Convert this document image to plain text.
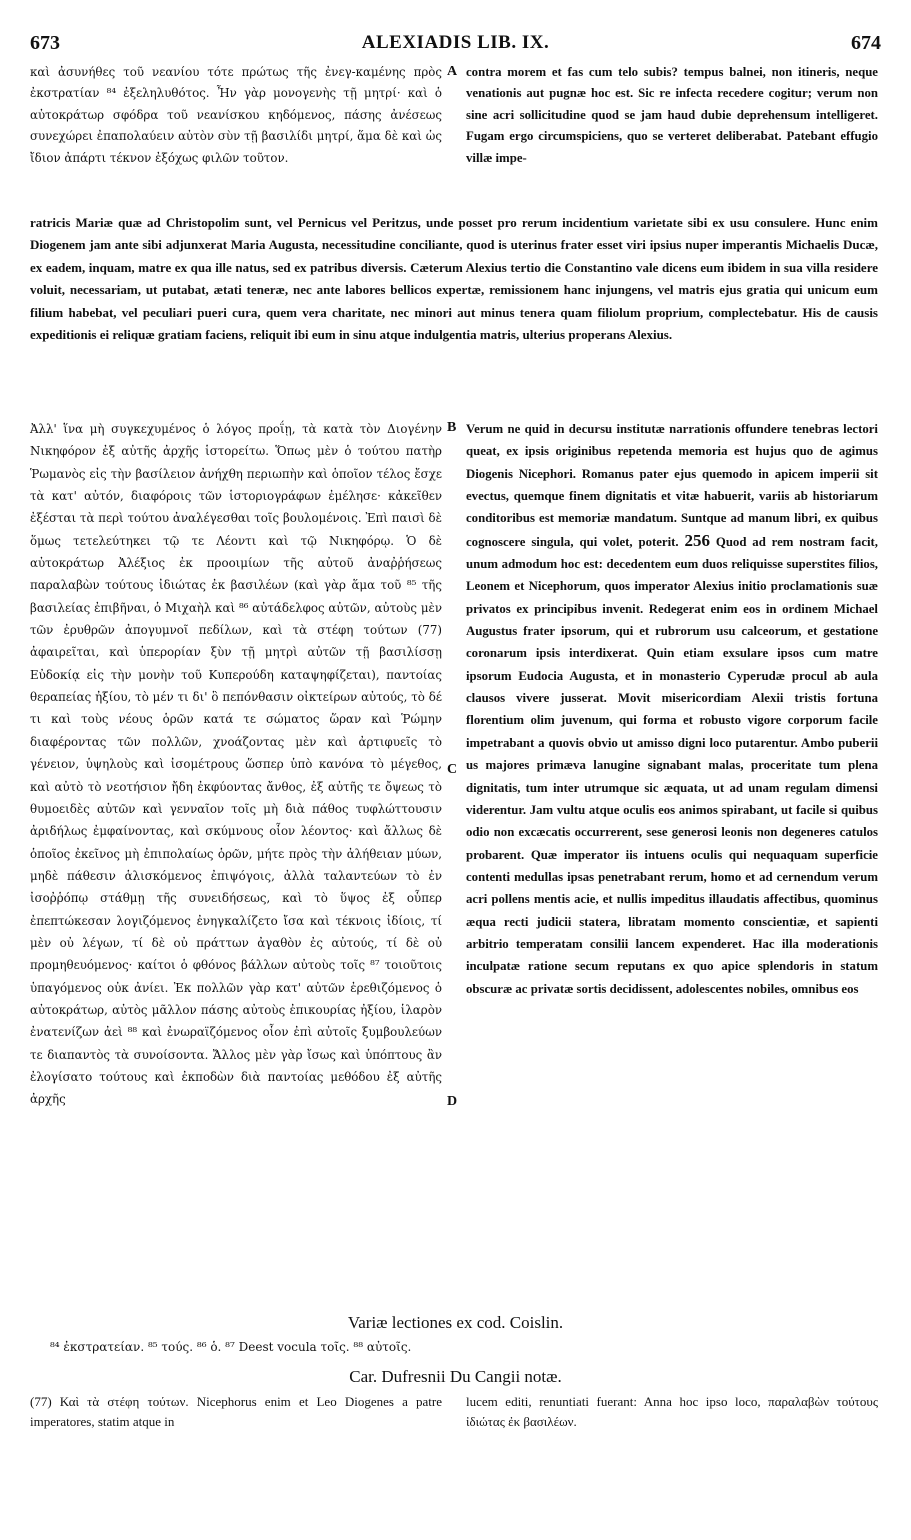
673	ALEXIADIS LIB. IX.	674

καὶ ἀσυνήθες τοῦ νεανίου τότε πρώτως τῆς ἐνεγ-καμένης πρὸς ἐκστρατίαν ⁸⁴ ἐξεληλυθότος. Ἦν γὰρ μονογενὴς τῇ μητρί· καὶ ὁ αὐτοκράτωρ σφόδρα τοῦ νεανίσκου κηδόμενος, πάσης ἀνέσεως συνεχώρει ἐπαπολαύειν αὐτὸν σὺν τῇ βασιλίδι μητρί, ἅμα δὲ καὶ ὡς ἴδιον ἀπάρτι τέκνον ἐξόχως φιλῶν τοῦτον.

A contra morem et fas cum telo subis? tempus balnei, non itineris, neque venationis aut pugnæ hoc est. Sic re infecta recedere cogitur; verum non sine acri sollicitudine quod se jam haud dubie deprehensum intelligeret. Fugam ergo circumspiciens, quo se verteret deliberabat. Patebant effugio villæ impe-

ratricis Mariæ quæ ad Christopolim sunt, vel Pernicus vel Peritzus, unde posset pro rerum incidentium varietate sibi ex usu consulere. Hunc enim Diogenem jam ante sibi adjunxerat Maria Augusta, necessitudine conciliante, quod is uterinus frater esset viri ipsius nuper imperantis Michaelis Ducæ, ex eadem, inquam, matre ex qua ille natus, sed ex patribus diversis. Cæterum Alexius tertio die Constantino vale dicens eum ibidem in sua villa residere voluit, necessariam, ut putabat, ætati teneræ, nec ante labores bellicos expertæ, remissionem hanc injungens, vel matris ejus gratia qui unicum eum filium habebat, vel peculiari pueri cura, quem vera charitate, nec minori aut minus tenera quam filiolum proprium, complectebatur. His de causis expeditionis ei reliquæ gratiam faciens, reliquit ibi eum in sinu atque indulgentia matris, ulterius properans Alexius.

Ἀλλ' ἵνα μὴ συγκεχυμένος ὁ λόγος προΐῃ, τὰ κατὰ τὸν Διογένην Νικηφόρον ἐξ αὐτῆς ἀρχῆς ἱστορείτω. Ὅπως μὲν ὁ τούτου πατὴρ Ῥωμανὸς εἰς τὴν βασίλειον ἀνήχθη περιωπὴν καὶ ὁποῖον τέλος ἔσχε τὰ κατ' αὐτόν, διαφόροις τῶν ἱστοριογράφων ἐμέλησε· κἀκεῖθεν ἐξέσται τὰ περὶ τούτου ἀναλέγεσθαι τοῖς βουλομένοις. Ἐπὶ παισὶ δὲ ὅμως τετελεύτηκει τῷ τε Λέοντι καὶ τῷ Νικηφόρῳ. Ὁ δὲ αὐτοκράτωρ Ἀλέξιος ἐκ προοιμίων τῆς αὐτοῦ ἀναῤῥήσεως παραλαβὼν τούτους ἰδιώτας ἐκ βασιλέων (καὶ γὰρ ἅμα τοῦ ⁸⁵ τῆς βασιλείας ἐπιβῆναι, ὁ Μιχαὴλ καὶ ⁸⁶ αὐτάδελφος αὐτῶν, αὐτοὺς μὲν τῶν ἐρυθρῶν ἀπογυμνοῖ πεδίλων, καὶ τὰ στέφη τούτων (77) ἀφαιρεῖται, καὶ ὑπερορίαν ξὺν τῇ μητρὶ αὐτῶν τῇ βασιλίσσῃ Εὐδοκίᾳ εἰς τὴν μονὴν τοῦ Κυπερούδη καταψηφίζεται), παντοίας θεραπείας ἠξίου, τὸ μέν τι δι' ὃ πεπόνθασιν οἰκτείρων αὐτούς, τὸ δέ τι καὶ τοὺς νέους ὁρῶν κατά τε σώματος ὥραν καὶ Ῥώμην διαφέροντας τῶν πολλῶν, χνοάζοντας μὲν καὶ ἀρτιφυεῖς τὸ γένειον, ὑψηλοὺς καὶ ἰσομέτρους ὥσπερ ὑπὸ κανόνα τὸ μέγεθος, καὶ αὐτὸ τὸ νεοτήσιον ἤδη ἐκφύοντας ἄνθος, ἐξ αὐτῆς τε ὄψεως τὸ θυμοειδὲς αὐτῶν καὶ γενναῖον τοῖς μὴ διὰ πάθος τυφλώττουσιν ἀριδήλως ἐμφαίνοντας, καὶ σκύμνους οἷον λέοντος· καὶ ἄλλως δὲ ὁποῖος ἐκεῖνος μὴ ἐπιπολαίως ὁρῶν, μήτε πρὸς τὴν ἀλήθειαν μύων, μηδὲ πάθεσιν ἁλισκόμενος ἐπιψόγοις, ἀλλὰ ταλαντεύων τὸ ἐν ἰσοῤῥόπῳ στάθμῃ τῆς συνειδήσεως, καὶ τὸ ὕψος ἐξ οὗπερ ἐπεπτώκεσαν λογιζόμενος ἐνηγκαλίζετο ἴσα καὶ τέκνοις ἰδίοις, τί μὲν οὐ λέγων, τί δὲ οὐ πράττων ἀγαθὸν ἐς αὐτούς, τί δὲ οὐ προμηθευόμενος· καίτοι ὁ φθόνος βάλλων αὐτοὺς τοῖς ⁸⁷ τοιοῦτοις ὑπαγόμενος οὐκ ἀνίει. Ἐκ πολλῶν γὰρ κατ' αὐτῶν ἐρεθιζόμενος ὁ αὐτοκράτωρ, αὐτὸς μᾶλλον πάσης αὐτοὺς ἐπικουρίας ἠξίου, ἱλαρὸν ἐνατενίζων ἀεὶ ⁸⁸ καὶ ἐνωραϊζόμενος οἷον ἐπὶ αὐτοῖς ξυμβουλεύων τε διαπαντὸς τὰ συνοίσοντα. Ἄλλος μὲν γὰρ ἴσως καὶ ὑπόπτους ἂν ἐλογίσατο τούτους καὶ ἐκποδὼν διὰ παντοίας μεθόδου ἐξ αὐτῆς ἀρχῆς

B
C
D
Verum ne quid in decursu institutæ narrationis offundere tenebras lectori queat, ex ipsis originibus repetenda memoria est hujus quo de agimus Diogenis Nicephori. Romanus pater ejus quemodo in apicem imperii sit evectus, quemque finem dignitatis et vitæ habuerit, variis ab historiarum conditoribus est memoriæ mandatum. Suntque ad manum libri, ex quibus cognoscere singula, qui volet, poterit. 256 Quod ad rem nostram facit, unum admodum hoc est: decedentem eum duos reliquisse superstites filios, Leonem et Nicephorum, quos imperator Alexius initio proclamationis suæ privatos ex principibus invenit. Redegerat enim eos in ordinem Michael Augustus frater ipsorum, qui et rubrorum usu calceorum, et gestatione coronarum ipsis interdixerat. Quin etiam exsulare ipsos cum matre ipsorum Eudocia Augusta, et in monasterio Cyperudæ procul ab aula clausos vivere jusserat. Movit misericordiam Alexii tristis fortuna florentium olim juvenum, qui forma et robusto vigore corporum facile impetrabant a quovis obvio ut amisso digni loco putarentur. Ambo puberii us majores primæva lanugine signabant malas, proceritate tum plena dignitatis, tum inter utrumque sic æquata, ut ad unam regulam dimensi viderentur. Jam vultu atque oculis eos animos spirabant, ut facile si quibus odio non excæcatis occurrerent, sese generosi leonis non degeneres catulos probarent. Quæ imperator iis intuens oculis qui nequaquam superficie contenti medullas ipsas penetrabant rerum, homo et ad cernendum verum acri pollens mentis acie, et nullis impeditus illaudatis affectibus, quominus æqua recti judicii statera, libratam momento conscientiæ, et sapienti arbitrio temperatam consilii lancem expenderet. Hac illa moderationis inculpatæ ratione secum reputans ex quo apice splendoris in statum obscuræ ac privatæ sortis decidissent, adolescentes nobiles, omnibus eos
Variæ lectiones ex cod. Coislin.
⁸⁴ ἐκστρατείαν. ⁸⁵ τούς. ⁸⁶ ὁ. ⁸⁷ Deest vocula τοῖς. ⁸⁸ αὐτοῖς.
Car. Dufresnii Du Cangii notæ.

(77) Καὶ τὰ στέφη τούτων. Nicephorus enim et Leo Diogenes a patre imperatores, statim atque in

lucem editi, renuntiati fuerant: Anna hoc ipso loco, παραλαβὼν τούτους ἰδιώτας ἐκ βασιλέων.
